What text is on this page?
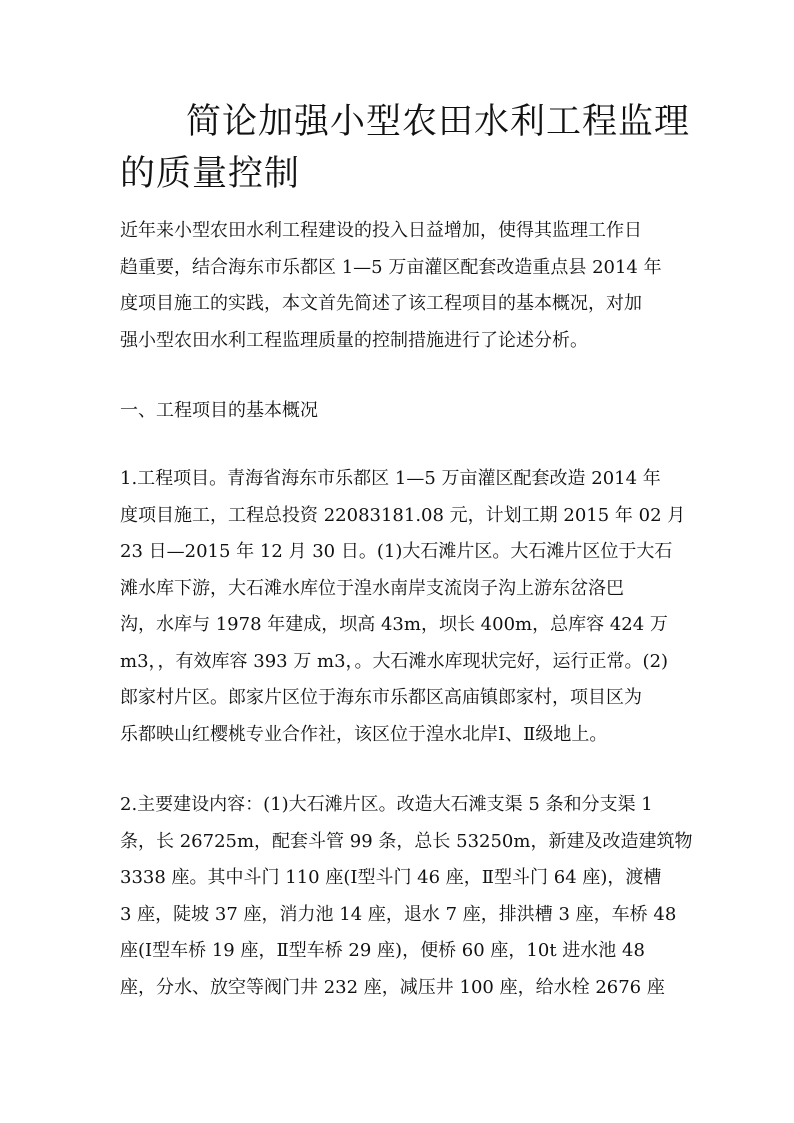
简论加强小型农田水利工程监理
的质量控制
近年来小型农田水利工程建设的投入日益增加，使得其监理工作日
趋重要，结合海东市乐都区 1—5 万亩灌区配套改造重点县 2014 年
度项目施工的实践，本文首先简述了该工程项目的基本概况，对加
强小型农田水利工程监理质量的控制措施进行了论述分析。
一、工程项目的基本概况
1.工程项目。青海省海东市乐都区 1—5 万亩灌区配套改造 2014 年
度项目施工，工程总投资 22083181.08 元，计划工期 2015 年 02 月
23 日—2015 年 12 月 30 日。(1)大石滩片区。大石滩片区位于大石
滩水库下游，大石滩水库位于湟水南岸支流岗子沟上游东岔洛巴
沟，水库与 1978 年建成，坝高 43m，坝长 400m，总库容 424 万
m3，，有效库容 393 万 m3，。大石滩水库现状完好，运行正常。(2)
郎家村片区。郎家片区位于海东市乐都区高庙镇郎家村，项目区为
乐都映山红樱桃专业合作社，该区位于湟水北岸Ⅰ、Ⅱ级地上。
2.主要建设内容：(1)大石滩片区。改造大石滩支渠 5 条和分支渠 1
条，长 26725m，配套斗管 99 条，总长 53250m，新建及改造建筑物
3338 座。其中斗门 110 座(Ⅰ型斗门 46 座，Ⅱ型斗门 64 座)，渡槽
3 座，陡坡 37 座，消力池 14 座，退水 7 座，排洪槽 3 座，车桥 48
座(Ⅰ型车桥 19 座，Ⅱ型车桥 29 座)，便桥 60 座，10t 进水池 48
座，分水、放空等阀门井 232 座，减压井 100 座，给水栓 2676 座
